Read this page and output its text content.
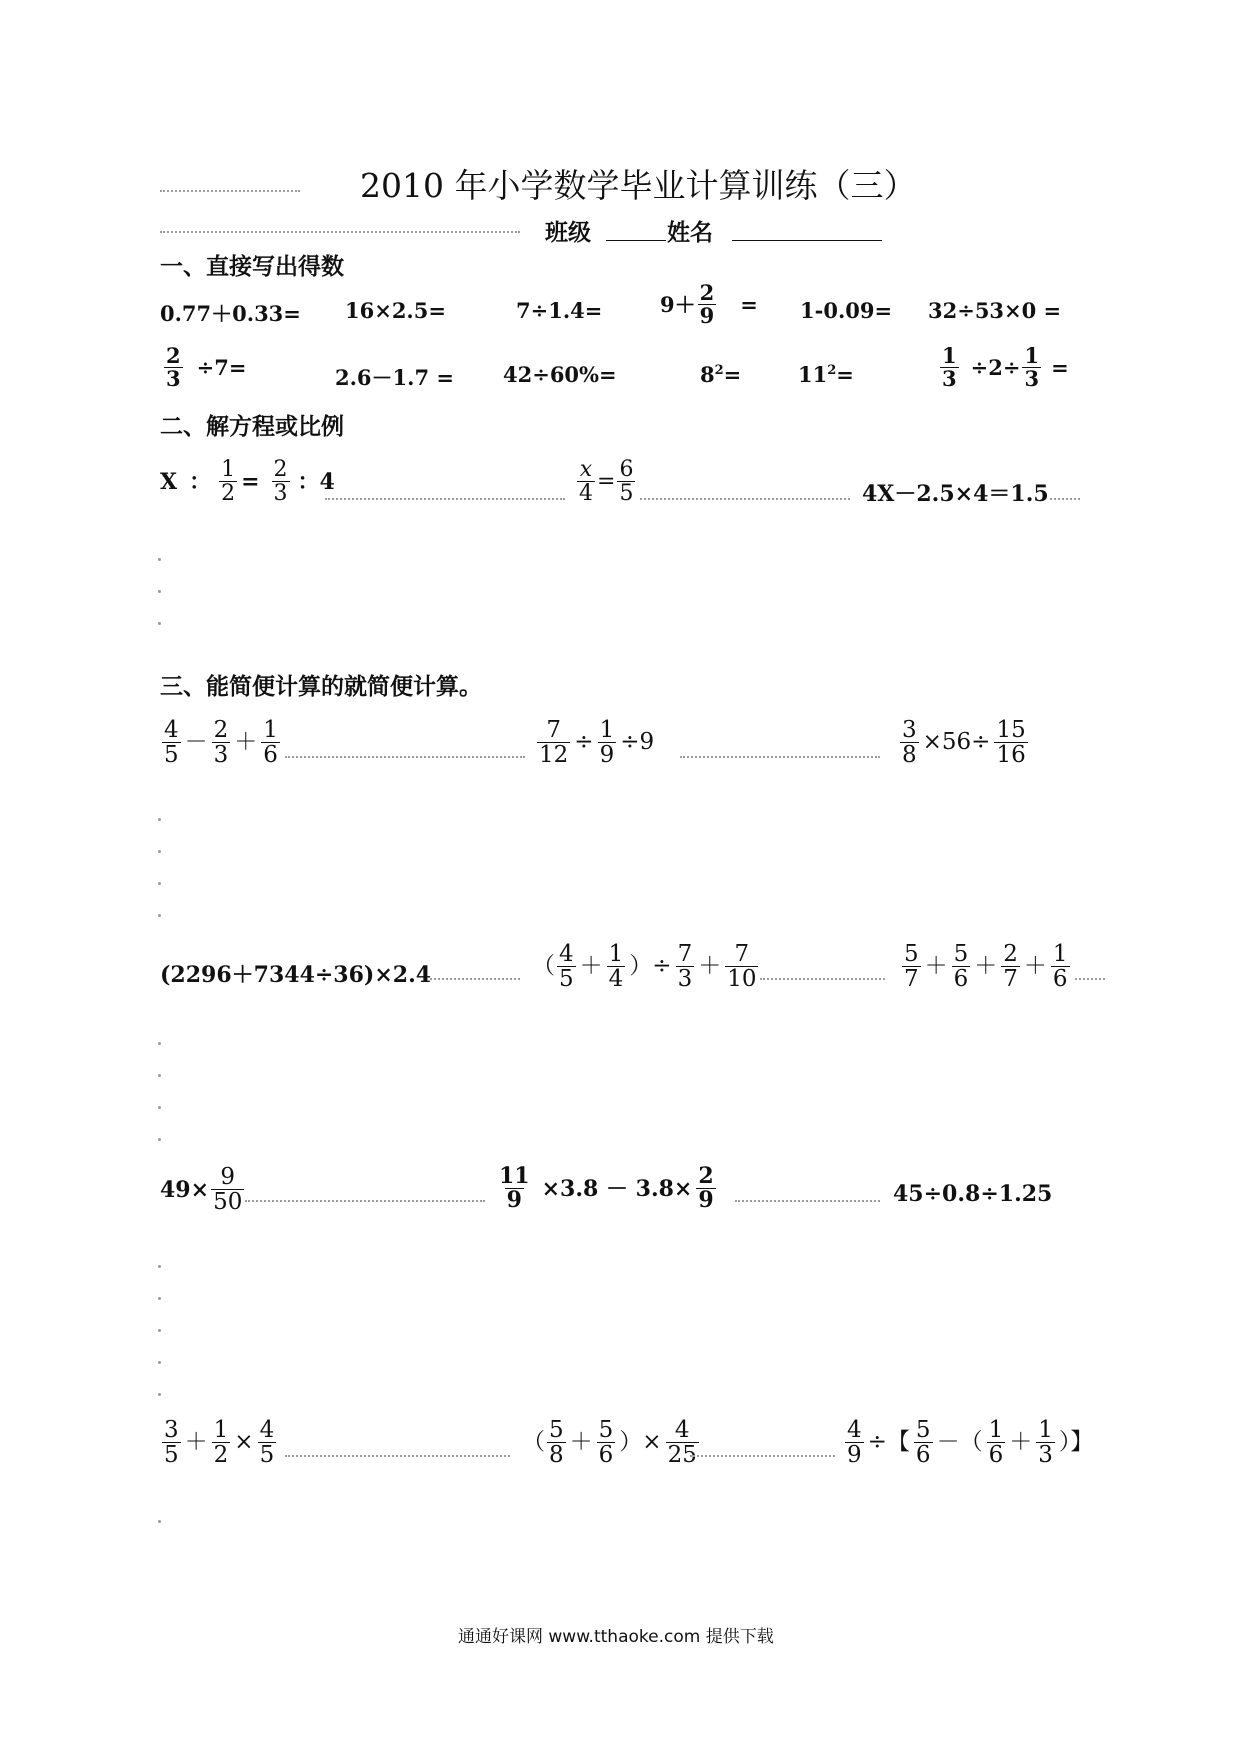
2010 年小学数学毕业计算训练（三）
班级	姓名
一、直接写出得数
0.77＋0.33= 16×2.5=	7÷1.4=	$9+ \frac{2}{9} = 1-0.09= 32\div 53\times 0$ =
$\frac{2}{3} \div 7=$	2.6－1.7 = 42÷60%=	$8^2=$	$11^2=$	$\frac{1}{3} \div 2\div \frac{1}{3}$ =
二、解方程或比例
X ： $\frac{1}{2} = \frac{2}{3}$ ：4	$\frac{x}{4} = \frac{6}{5}$	4X－2.5×4＝1.5
三、能简便计算的就简便计算。
4
5 － 2
3 ＋ 1
6	$\frac{7}{12} \div \frac{1}{9} \div 9$	$\frac{3}{8} \times 56\div \frac{15}{16}$
(2296＋7344÷36)×2.4	（ 4
5 ＋ 1
4 ）÷ $\frac{7}{3} + 7$
10
5
7 ＋ 5
6 ＋ 2
7 ＋ 1
6
$49\times \frac{9}{50}$	$\frac{11}{9} \times 3.8 - 3.8\times \frac{2}{9}$	45÷0.8÷1.25
3
$5 + \frac{1}{2} \times \frac{4}{5}$	（ 5
8 ＋ 5
6 ）× $\frac{4}{25}$	$\frac{4}{9}$ ÷【 5
6 －（ 1
6 ＋ 1
3 ）】
通通好课网 www.tthaoke.com 提供下载
